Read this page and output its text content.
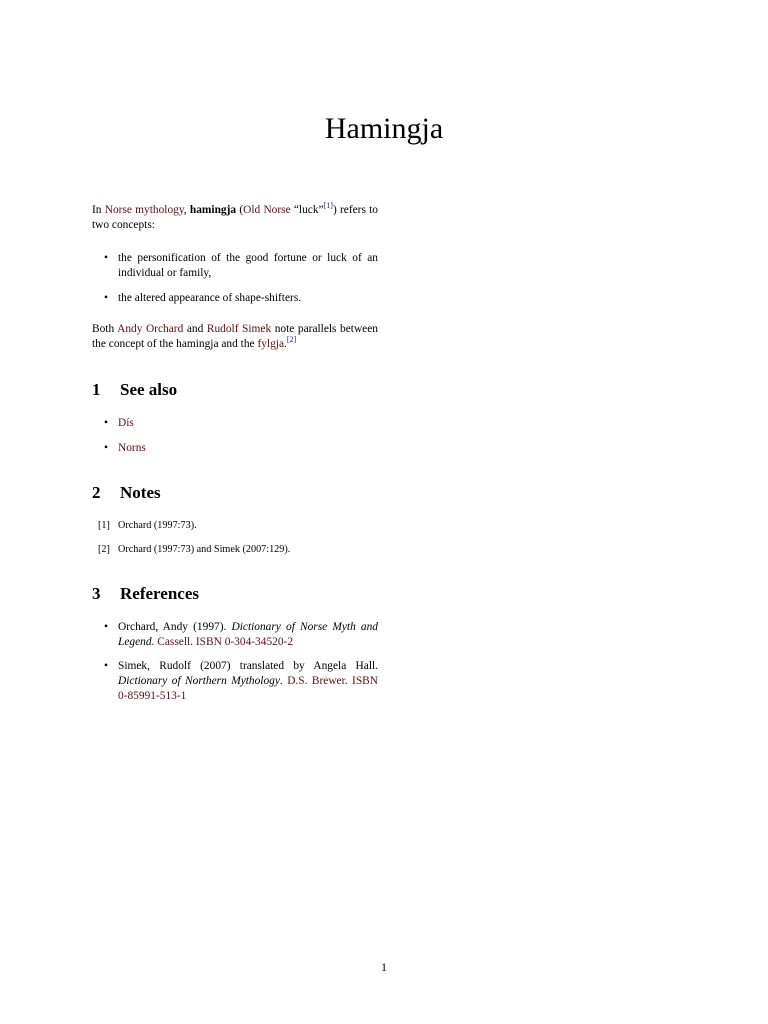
Hamingja

In Norse mythology, hamingja (Old Norse “luck”[1]) refers to two concepts:

• the personification of the good fortune or luck of an individual or family,
• the altered appearance of shape-shifters.

Both Andy Orchard and Rudolf Simek note parallels between the concept of the hamingja and the fylgja.[2]

1 See also
• Dís
• Norns
2 Notes
[1] Orchard (1997:73).
[2] Orchard (1997:73) and Simek (2007:129).
3 References
• Orchard, Andy (1997). Dictionary of Norse Myth and Legend. Cassell. ISBN 0-304-34520-2
• Simek, Rudolf (2007) translated by Angela Hall. Dictionary of Northern Mythology. D.S. Brewer. ISBN 0-85991-513-1
1
